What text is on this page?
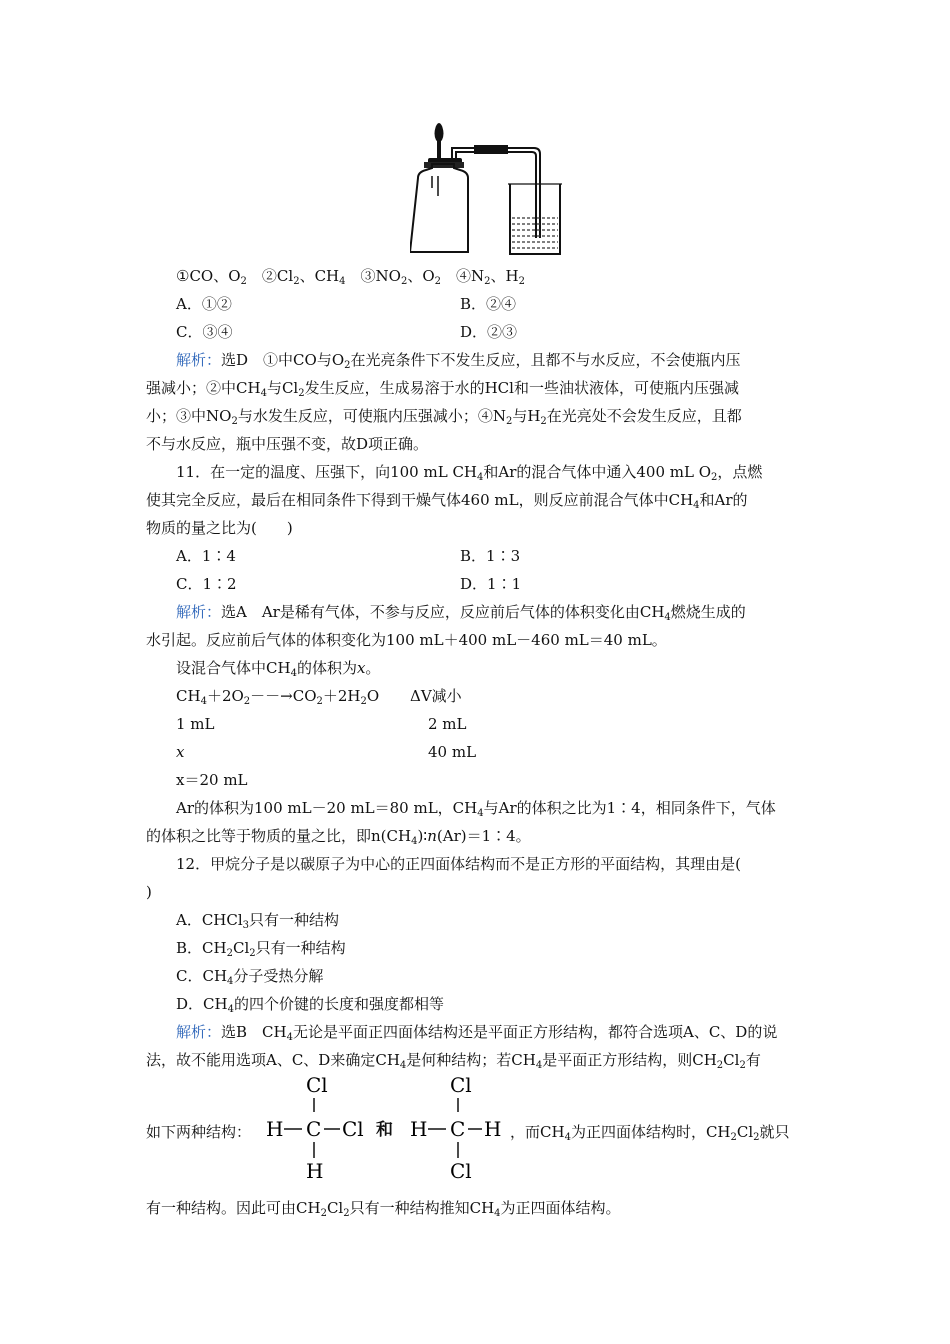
①CO、$O_2$　$②Cl_2$、$CH_4$　$③NO_2$、$O_2$　$④N_2$、$H_2$
A．①②	B．②④
C．③④	D．②③
解析：选D　①中CO与$O_2$在光亮条件下不发生反应，且都不与水反应，不会使瓶内压
强减小；②中$CH_4$与$Cl_2$发生反应，生成易溶于水的HCl和一些油状液体，可使瓶内压强减
小；③中$NO_2$与水发生反应，可使瓶内压强减小；$④N_2$与$H_2$在光亮处不会发生反应，且都
不与水反应，瓶中压强不变，故D项正确。
11．在一定的温度、压强下，向100 mL $CH_4$和Ar的混合气体中通入400 mL $O_2$，点燃
使其完全反应，最后在相同条件下得到干燥气体460 mL，则反应前混合气体中$CH_4$和Ar的
物质的量之比为(　　)
A．1∶4	B．1∶3
C．1∶2	D．1∶1
解析：选A　Ar是稀有气体，不参与反应，反应前后气体的体积变化由$CH_4$燃烧生成的
水引起。反应前后气体的体积变化为100 mL＋400 mL－460 mL＝40 mL。
设混合气体中$CH_4$的体积为x。
$CH_4+2O_2--\to CO_2+2H_2O$ ΔV减小
1 mL	2 mL
x	40 mL
x＝20 mL
Ar的体积为100 mL－20 mL＝80 mL，$CH_4$与Ar的体积之比为1∶4，相同条件下，气体
的体积之比等于物质的量之比，即$n(CH_4)∶n(Ar)=1∶4$。
12．甲烷分子是以碳原子为中心的正四面体结构而不是正方形的平面结构，其理由是(
)
A．CHCl$_3$只有一种结构
B．$CH_2Cl_2$只有一种结构
C．$CH_4$分子受热分解
D．$CH_4$的四个价键的长度和强度都相等
解析：选B　$CH_4$无论是平面正四面体结构还是平面正方形结构，都符合选项A、C、D的说
法，故不能用选项A、C、D来确定$CH_4$是何种结构；若$CH_4$是平面正方形结构，则$CH_2Cl_2$有
如下两种结构：
Cl
H C Cl
H
和
Cl
H C H
Cl
，而$CH_4$为正四面体结构时，$CH_2Cl_2$就只
有一种结构。因此可由$CH_2Cl_2$只有一种结构推知$CH_4$为正四面体结构。
